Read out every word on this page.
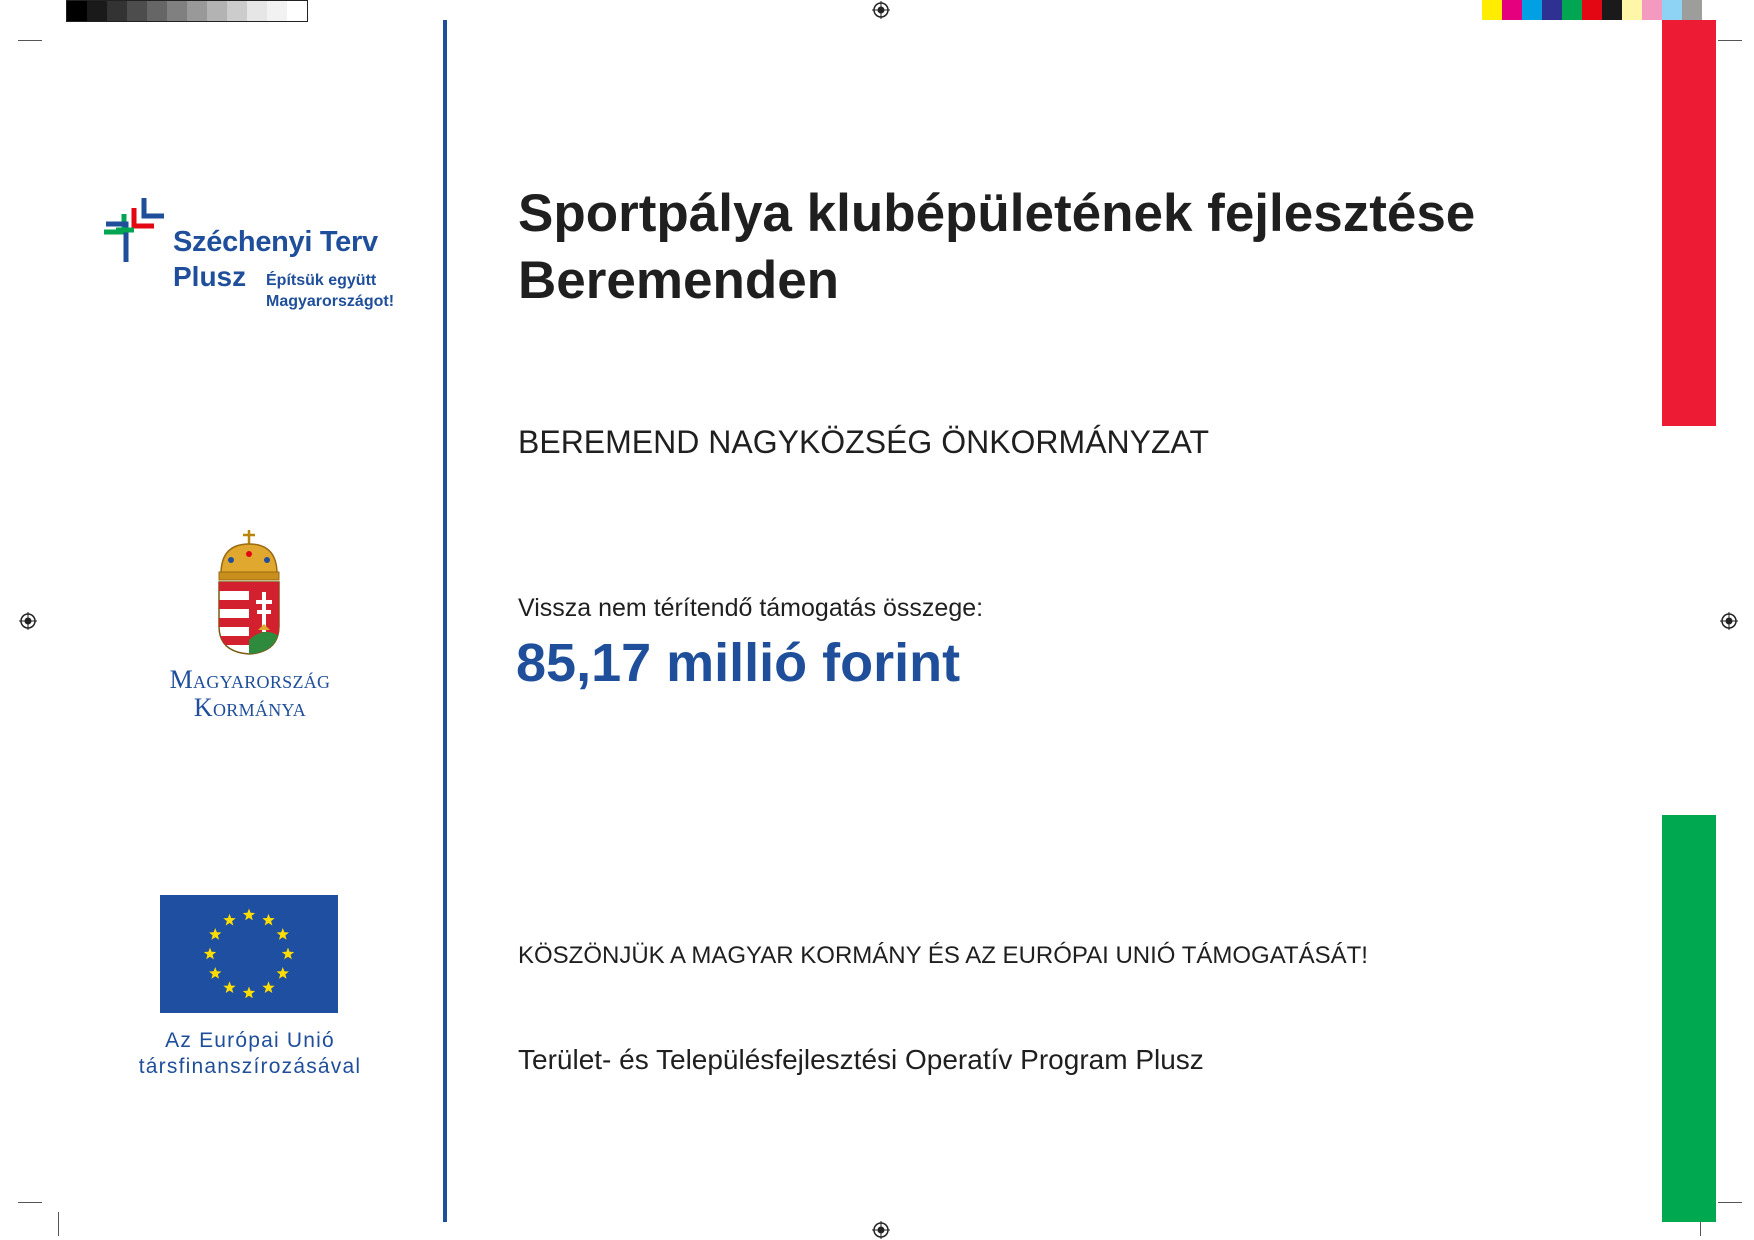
Széchenyi Terv
Plusz Építsük együtt
Magyarországot!
Magyarország
Kormánya
Az Európai Unió
társfinanszírozásával
Sportpálya klubépületének fejlesztése
Beremenden
BEREMEND NAGYKÖZSÉG ÖNKORMÁNYZAT
Vissza nem térítendő támogatás összege:
85,17 millió forint
KÖSZÖNJÜK A MAGYAR KORMÁNY ÉS AZ EURÓPAI UNIÓ TÁMOGATÁSÁT!
Terület- és Településfejlesztési Operatív Program Plusz
